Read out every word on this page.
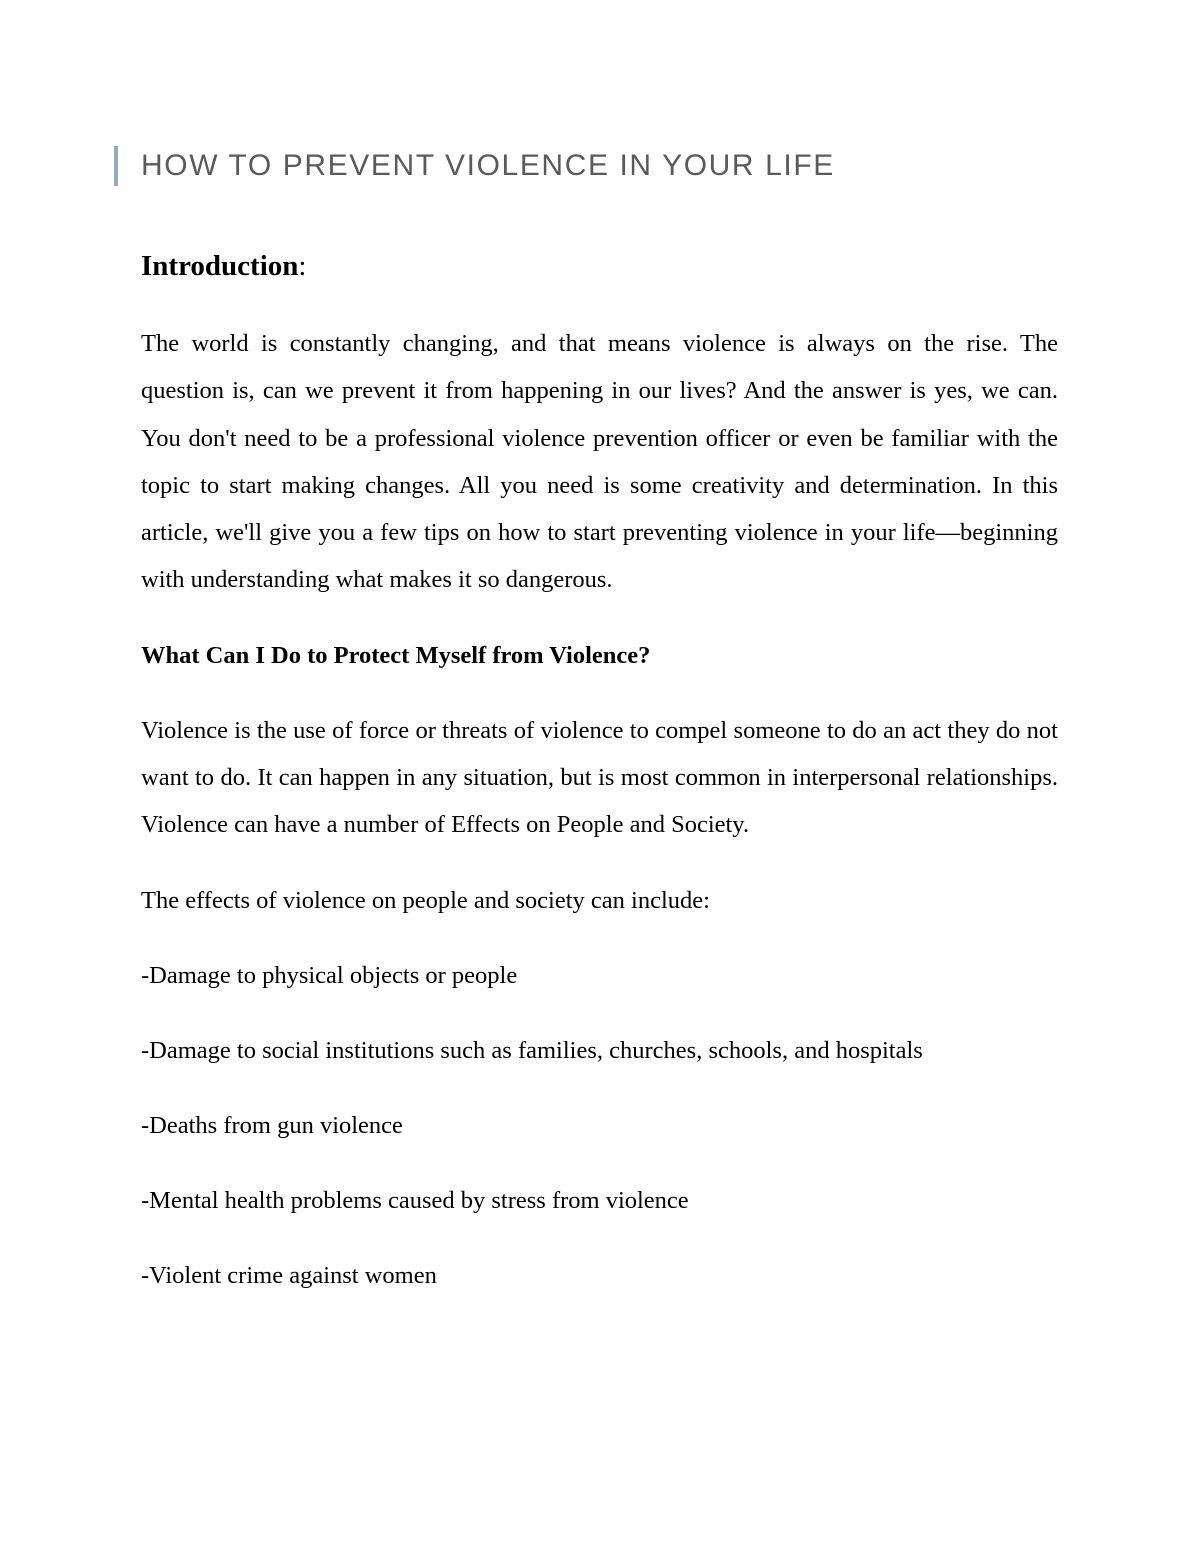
HOW TO PREVENT VIOLENCE IN YOUR LIFE
Introduction:

The world is constantly changing, and that means violence is always on the rise. The question is, can we prevent it from happening in our lives? And the answer is yes, we can. You don't need to be a professional violence prevention officer or even be familiar with the topic to start making changes. All you need is some creativity and determination. In this article, we'll give you a few tips on how to start preventing violence in your life—beginning with understanding what makes it so dangerous.

What Can I Do to Protect Myself from Violence?

Violence is the use of force or threats of violence to compel someone to do an act they do not want to do. It can happen in any situation, but is most common in interpersonal relationships. Violence can have a number of Effects on People and Society.

The effects of violence on people and society can include:
-Damage to physical objects or people
-Damage to social institutions such as families, churches, schools, and hospitals
-Deaths from gun violence
-Mental health problems caused by stress from violence
-Violent crime against women
